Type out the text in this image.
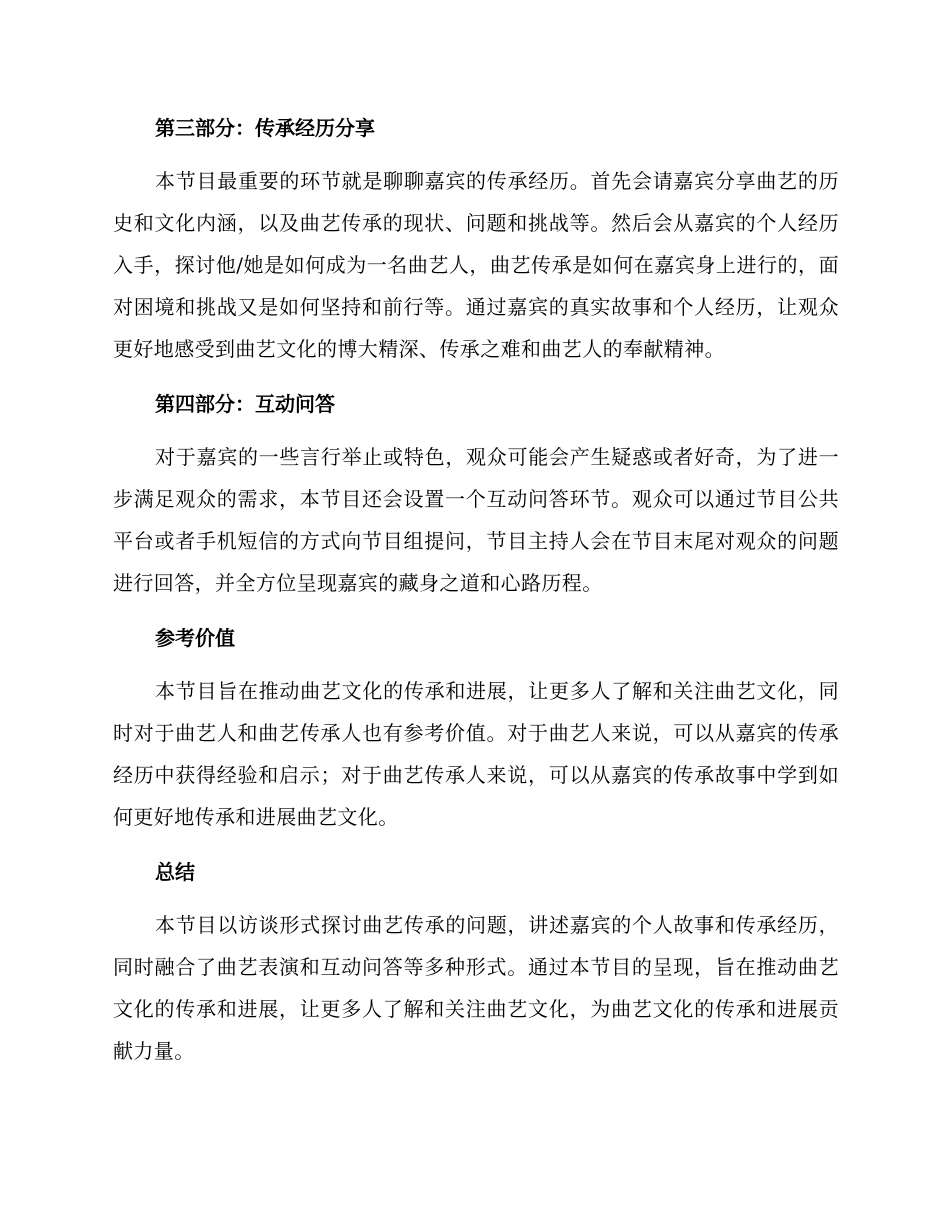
第三部分：传承经历分享

本节目最重要的环节就是聊聊嘉宾的传承经历。首先会请嘉宾分享曲艺的历史和文化内涵，以及曲艺传承的现状、问题和挑战等。然后会从嘉宾的个人经历入手，探讨他/她是如何成为一名曲艺人，曲艺传承是如何在嘉宾身上进行的，面对困境和挑战又是如何坚持和前行等。通过嘉宾的真实故事和个人经历，让观众更好地感受到曲艺文化的博大精深、传承之难和曲艺人的奉献精神。

第四部分：互动问答

对于嘉宾的一些言行举止或特色，观众可能会产生疑惑或者好奇，为了进一步满足观众的需求，本节目还会设置一个互动问答环节。观众可以通过节目公共平台或者手机短信的方式向节目组提问，节目主持人会在节目末尾对观众的问题进行回答，并全方位呈现嘉宾的藏身之道和心路历程。

参考价值

本节目旨在推动曲艺文化的传承和进展，让更多人了解和关注曲艺文化，同时对于曲艺人和曲艺传承人也有参考价值。对于曲艺人来说，可以从嘉宾的传承经历中获得经验和启示；对于曲艺传承人来说，可以从嘉宾的传承故事中学到如何更好地传承和进展曲艺文化。

总结

本节目以访谈形式探讨曲艺传承的问题，讲述嘉宾的个人故事和传承经历，同时融合了曲艺表演和互动问答等多种形式。通过本节目的呈现，旨在推动曲艺文化的传承和进展，让更多人了解和关注曲艺文化，为曲艺文化的传承和进展贡献力量。
